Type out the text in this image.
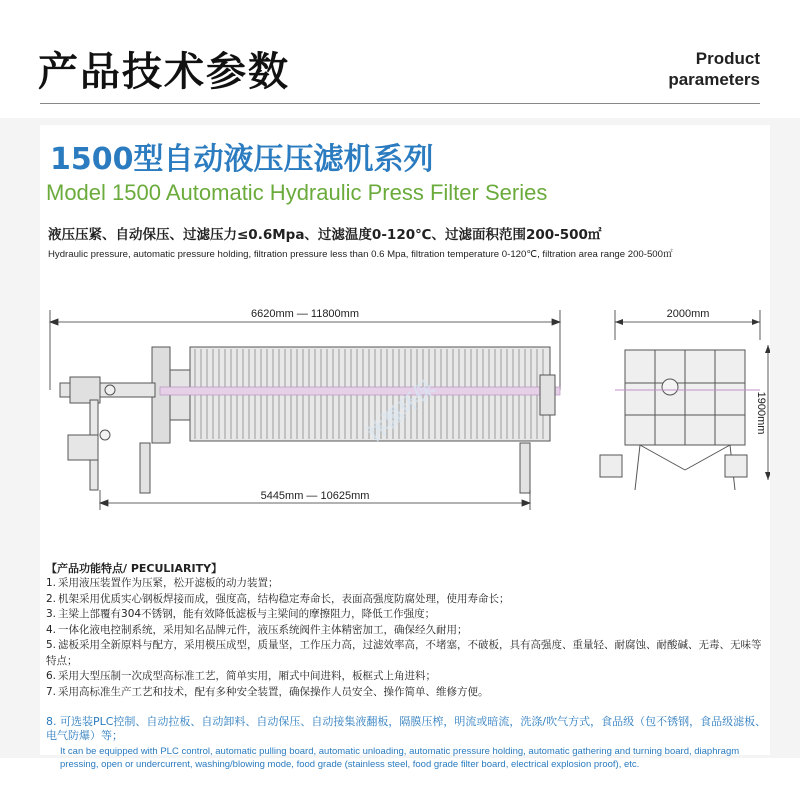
产品技术参数	Product
parameters
1500型自动液压压滤机系列
Model 1500 Automatic Hydraulic Press Filter Series
液压压紧、自动保压、过滤压力≤0.6Mpa、过滤温度0-120℃、过滤面积范围200-500㎡
Hydraulic pressure, automatic pressure holding, filtration pressure less than 0.6 Mpa, filtration temperature 0-120℃, filtration area range 200-500㎡
6620mm — 11800mm
5445mm — 10625mm
2000mm
1900mm
沐源环保
【产品功能特点/ PECULIARITY】
1. 采用液压装置作为压紧，松开滤板的动力装置；
2. 机架采用优质实心钢板焊接而成，强度高，结构稳定寿命长，表面高强度防腐处理，使用寿命长；
3. 主梁上部覆有304不锈钢，能有效降低滤板与主梁间的摩擦阻力，降低工作强度；
4. 一体化液电控制系统，采用知名品牌元件，液压系统阀件主体精密加工，确保经久耐用；
5. 滤板采用全新原料与配方，采用模压成型，质量坚，工作压力高，过滤效率高，不堵塞，不破板，具有高强度、重量轻、耐腐蚀、耐酸碱、无毒、无味等特点；
6. 采用大型压制一次成型高标准工艺，简单实用，厢式中间进料，板框式上角进料；
7. 采用高标准生产工艺和技术，配有多种安全装置，确保操作人员安全、操作简单、维修方便。
8. 可选装PLC控制、自动拉板、自动卸料、自动保压、自动接集液翻板，隔膜压榨，明流或暗流，洗涤/吹气方式，食品级（包不锈钢，食品级滤板、电气防爆）等；
It can be equipped with PLC control, automatic pulling board, automatic unloading, automatic pressure holding, automatic gathering and turning board, diaphragm pressing, open or undercurrent, washing/blowing mode, food grade (stainless steel, food grade filter board, electrical explosion proof), etc.
